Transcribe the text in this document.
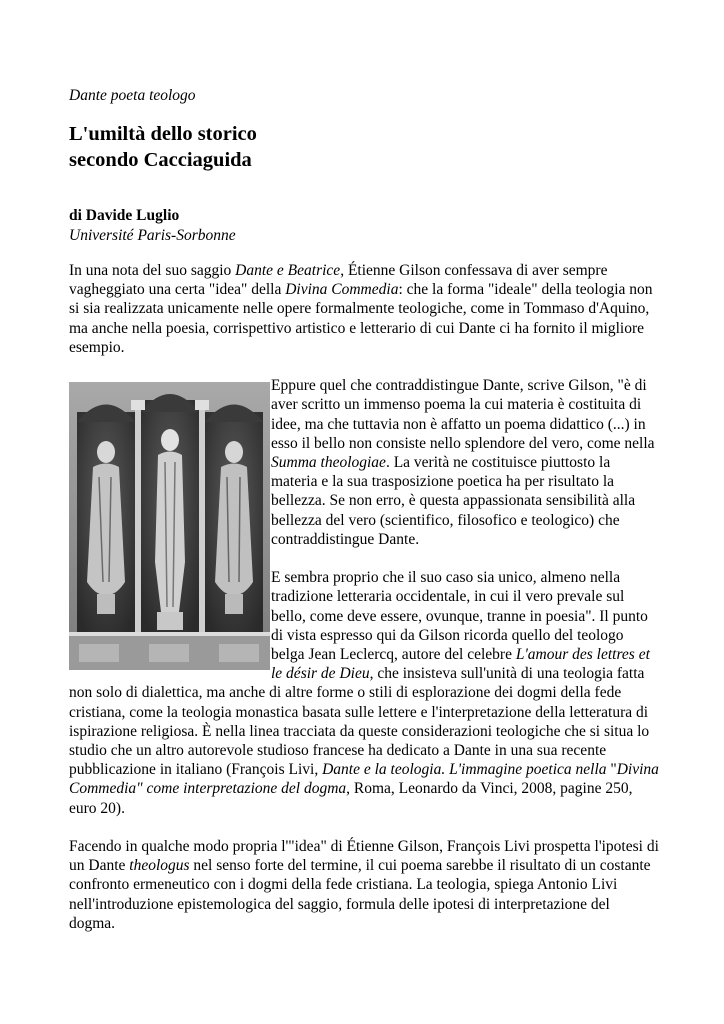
Dante poeta teologo
L'umiltà dello storico
secondo Cacciaguida
di Davide Luglio
Université Paris-Sorbonne

In una nota del suo saggio Dante e Beatrice, Étienne Gilson confessava di aver sempre vagheggiato una certa "idea" della Divina Commedia: che la forma "ideale" della teologia non si sia realizzata unicamente nelle opere formalmente teologiche, come in Tommaso d'Aquino, ma anche nella poesia, corrispettivo artistico e letterario di cui Dante ci ha fornito il migliore esempio.

Eppure quel che contraddistingue Dante, scrive Gilson, "è di aver scritto un immenso poema la cui materia è costituita di idee, ma che tuttavia non è affatto un poema didattico (...) in esso il bello non consiste nello splendore del vero, come nella Summa theologiae. La verità ne costituisce piuttosto la materia e la sua trasposizione poetica ha per risultato la bellezza. Se non erro, è questa appassionata sensibilità alla bellezza del vero (scientifico, filosofico e teologico) che contraddistingue Dante.

E sembra proprio che il suo caso sia unico, almeno nella tradizione letteraria occidentale, in cui il vero prevale sul bello, come deve essere, ovunque, tranne in poesia". Il punto di vista espresso qui da Gilson ricorda quello del teologo belga Jean Leclercq, autore del celebre L'amour des lettres et le désir de Dieu, che insisteva sull'unità di una teologia fatta non solo di dialettica, ma anche di altre forme o stili di esplorazione dei dogmi della fede cristiana, come la teologia monastica basata sulle lettere e l'interpretazione della letteratura di ispirazione religiosa. È nella linea tracciata da queste considerazioni teologiche che si situa lo studio che un altro autorevole studioso francese ha dedicato a Dante in una sua recente pubblicazione in italiano (François Livi, Dante e la teologia. L'immagine poetica nella "Divina Commedia" come interpretazione del dogma, Roma, Leonardo da Vinci, 2008, pagine 250, euro 20).

Facendo in qualche modo propria l'"idea" di Étienne Gilson, François Livi prospetta l'ipotesi di un Dante theologus nel senso forte del termine, il cui poema sarebbe il risultato di un costante confronto ermeneutico con i dogmi della fede cristiana. La teologia, spiega Antonio Livi nell'introduzione epistemologica del saggio, formula delle ipotesi di interpretazione del dogma.
